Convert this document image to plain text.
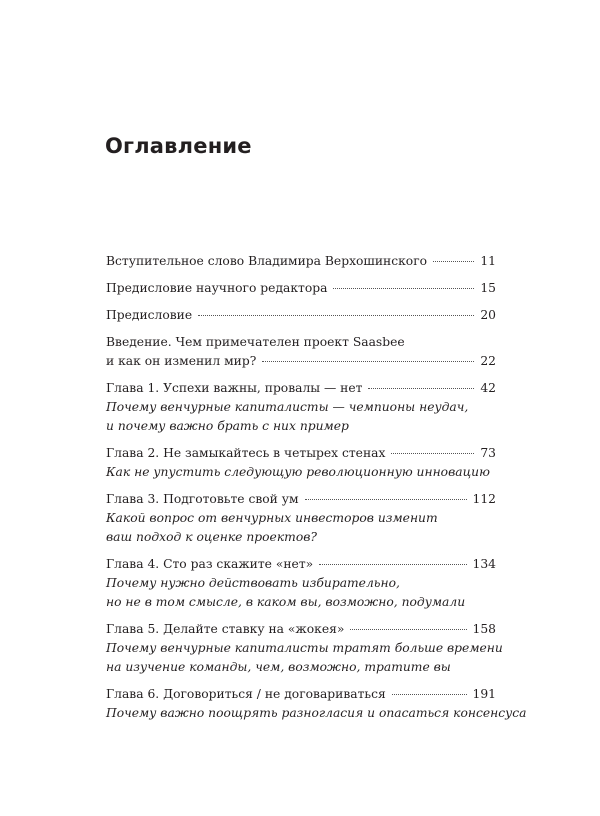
Оглавление
Вступительное слово Владимира Верхошинского	11
Предисловие научного редактора	15
Предисловие	20
Введение. Чем примечателен проект Saasbee
и как он изменил мир?	22
Глава 1. Успехи важны, провалы — нет	42
Почему венчурные капиталисты — чемпионы неудач,
и почему важно брать с них пример
Глава 2. Не замыкайтесь в четырех стенах	73
Как не упустить следующую революционную инновацию
Глава 3. Подготовьте свой ум	112
Какой вопрос от венчурных инвесторов изменит
ваш подход к оценке проектов?
Глава 4. Сто раз скажите «нет»	134
Почему нужно действовать избирательно,
но не в том смысле, в каком вы, возможно, подумали
Глава 5. Делайте ставку на «жокея»	158
Почему венчурные капиталисты тратят больше времени
на изучение команды, чем, возможно, тратите вы
Глава 6. Договориться / не договариваться	191
Почему важно поощрять разногласия и опасаться консенсуса
